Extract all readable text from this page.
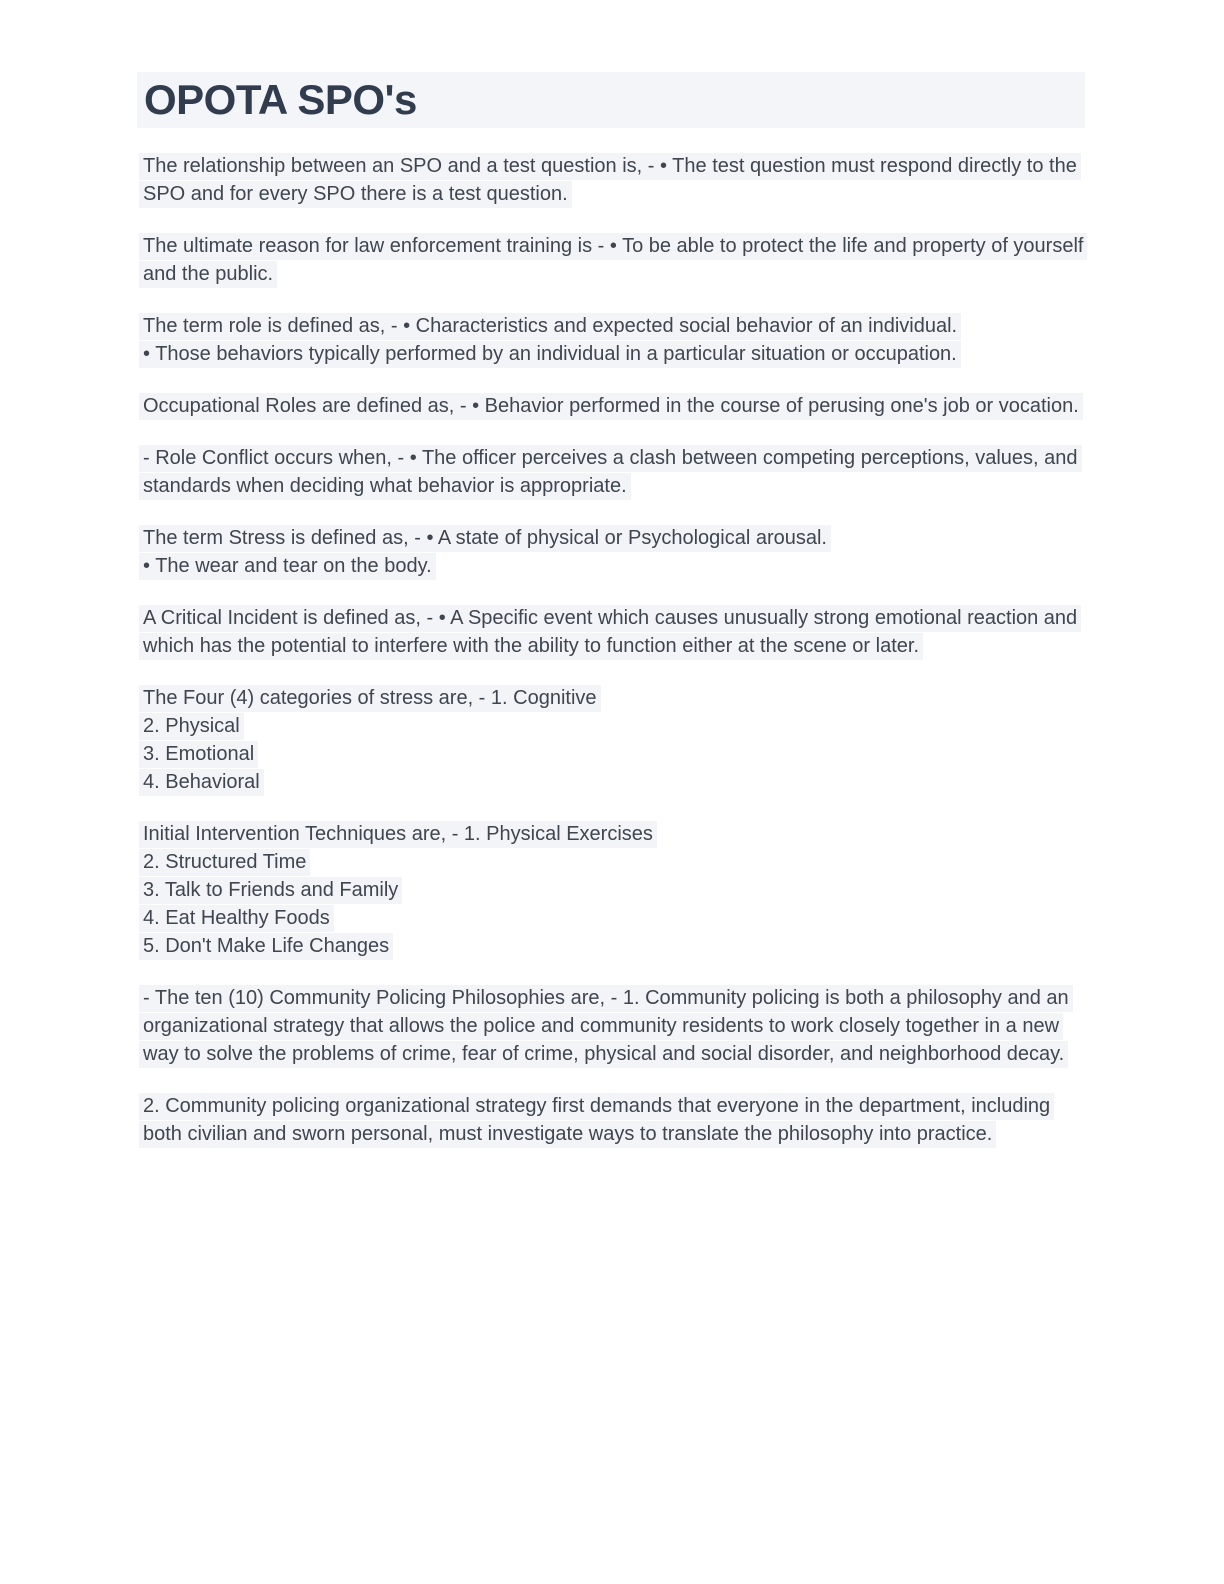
OPOTA SPO's

The relationship between an SPO and a test question is, - • The test question must respond directly to the SPO and for every SPO there is a test question.

The ultimate reason for law enforcement training is - • To be able to protect the life and property of yourself and the public.

The term role is defined as, - • Characteristics and expected social behavior of an individual.
• Those behaviors typically performed by an individual in a particular situation or occupation.

Occupational Roles are defined as, - • Behavior performed in the course of perusing one's job or vocation.

- Role Conflict occurs when, - • The officer perceives a clash between competing perceptions, values, and standards when deciding what behavior is appropriate.

The term Stress is defined as, - • A state of physical or Psychological arousal.
• The wear and tear on the body.

A Critical Incident is defined as, - • A Specific event which causes unusually strong emotional reaction and which has the potential to interfere with the ability to function either at the scene or later.

The Four (4) categories of stress are, - 1. Cognitive
2. Physical
3. Emotional
4. Behavioral

Initial Intervention Techniques are, - 1. Physical Exercises
2. Structured Time
3. Talk to Friends and Family
4. Eat Healthy Foods
5. Don't Make Life Changes

- The ten (10) Community Policing Philosophies are, - 1. Community policing is both a philosophy and an organizational strategy that allows the police and community residents to work closely together in a new way to solve the problems of crime, fear of crime, physical and social disorder, and neighborhood decay.

2. Community policing organizational strategy first demands that everyone in the department, including both civilian and sworn personal, must investigate ways to translate the philosophy into practice.
